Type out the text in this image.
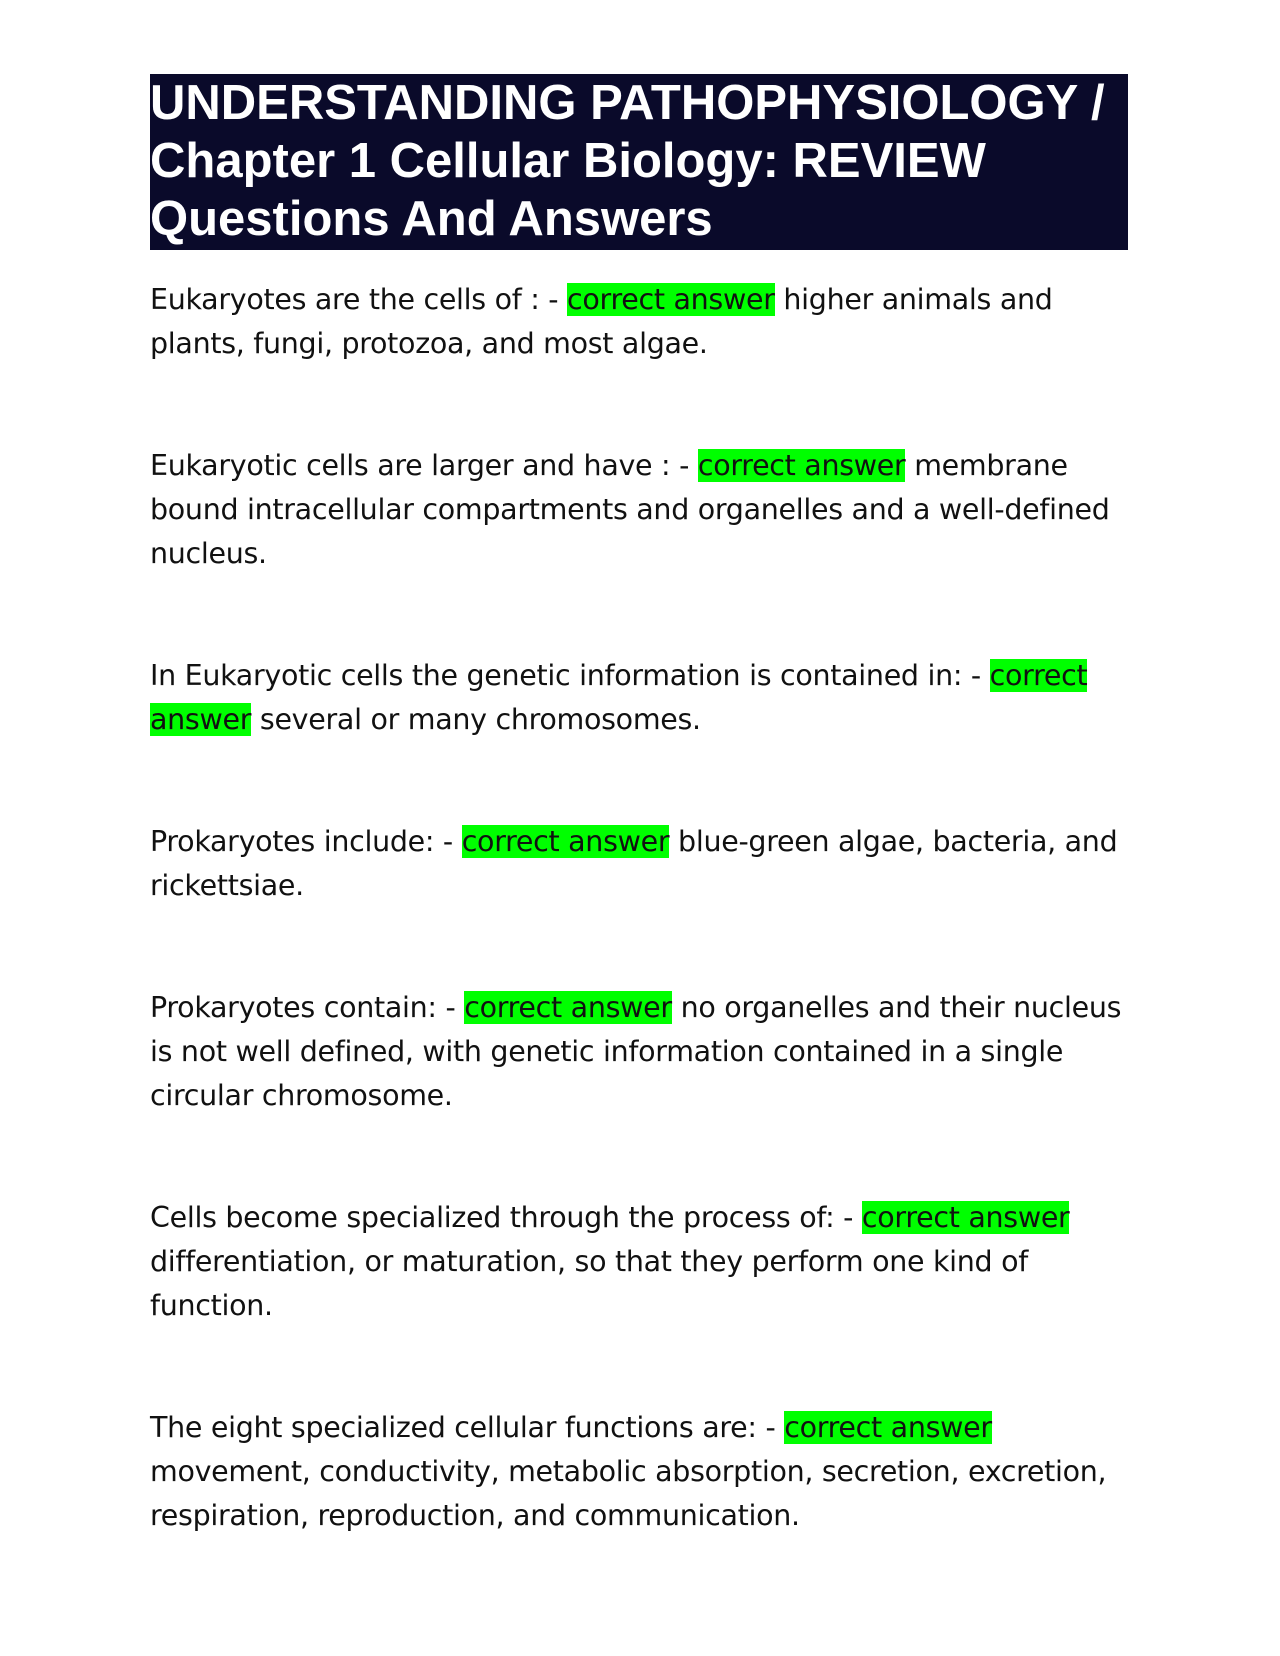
UNDERSTANDING PATHOPHYSIOLOGY /
Chapter 1 Cellular Biology: REVIEW
Questions And Answers

Eukaryotes are the cells of : - correct answer higher animals and plants, fungi, protozoa, and most algae.

Eukaryotic cells are larger and have : - correct answer membrane bound intracellular compartments and organelles and a well-defined nucleus.

In Eukaryotic cells the genetic information is contained in: - correct answer several or many chromosomes.

Prokaryotes include: - correct answer blue-green algae, bacteria, and rickettsiae.

Prokaryotes contain: - correct answer no organelles and their nucleus is not well defined, with genetic information contained in a single circular chromosome.

Cells become specialized through the process of: - correct answer differentiation, or maturation, so that they perform one kind of function.

The eight specialized cellular functions are: - correct answer movement, conductivity, metabolic absorption, secretion, excretion, respiration, reproduction, and communication.
